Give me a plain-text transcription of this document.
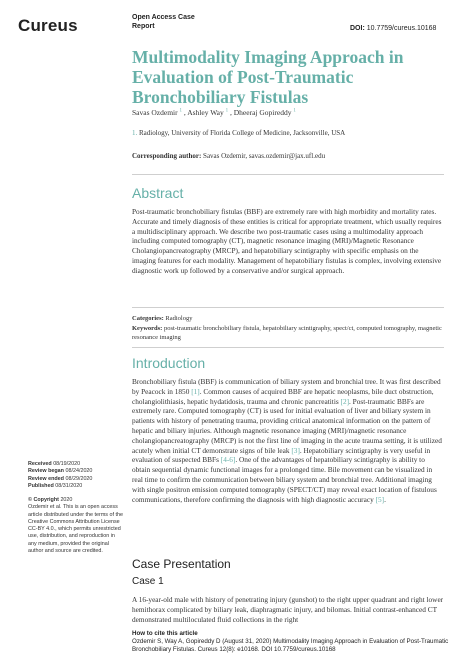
Cureus	Open Access Case
Report	DOI: 10.7759/cureus.10168
Multimodality Imaging Approach in Evaluation of Post-Traumatic Bronchobiliary Fistulas
Savas Ozdemir $^1$ , Ashley Way $^1$ , Dheeraj Gopireddy $^1$
1. Radiology, University of Florida College of Medicine, Jacksonville, USA
Corresponding author: Savas Ozdemir, savas.ozdemir@jax.ufl.edu
Abstract
Post-traumatic bronchobiliary fistulas (BBF) are extremely rare with high morbidity and mortality rates. Accurate and timely diagnosis of these entities is critical for appropriate treatment, which usually requires a multidisciplinary approach. We describe two post-traumatic cases using a multimodality approach including computed tomography (CT), magnetic resonance imaging (MRI)/Magnetic Resonance Cholangiopancreatography (MRCP), and hepatobiliary scintigraphy with specific emphasis on the imaging features for each modality. Management of hepatobiliary fistulas is complex, involving extensive diagnostic work up followed by a conservative and/or surgical approach.
Categories: Radiology
Keywords: post-traumatic bronchobiliary fistula, hepatobiliary scintigraphy, spect/ct, computed tomography, magnetic resonance imaging
Introduction
Bronchobiliary fistula (BBF) is communication of biliary system and bronchial tree. It was first described by Peacock in 1850 [1]. Common causes of acquired BBF are hepatic neoplasms, bile duct obstruction, cholangiolithiasis, hepatic hydatidosis, trauma and chronic pancreatitis [2]. Post-traumatic BBFs are extremely rare. Computed tomography (CT) is used for initial evaluation of liver and biliary system in patients with history of penetrating trauma, providing critical anatomical information on the pattern of hepatic and biliary injuries. Although magnetic resonance imaging (MRI)/magnetic resonance cholangiopancreatography (MRCP) is not the first line of imaging in the acute trauma setting, it is utilized acutely when initial CT demonstrate signs of bile leak [3]. Hepatobiliary scintigraphy is very useful in evaluation of suspected BBFs [4-6]. One of the advantages of hepatobiliary scintigraphy is ability to obtain sequential dynamic functional images for a prolonged time. Bile movement can be visualized in real time to confirm the communication between biliary system and bronchial tree. Additional imaging with single positron emission computed tomography (SPECT/CT) may reveal exact location of fistulous communications, therefore confirming the diagnosis with high diagnostic accuracy [5].
Case Presentation
Case 1
A 16-year-old male with history of penetrating injury (gunshot) to the right upper quadrant and right lower hemithorax complicated by biliary leak, diaphragmatic injury, and bilomas. Initial contrast-enhanced CT demonstrated multiloculated fluid collections in the right
Received 08/19/2020
Review began 08/24/2020
Review ended 08/29/2020
Published 08/31/2020
© Copyright 2020
Ozdemir et al. This is an open access article distributed under the terms of the Creative Commons Attribution License CC-BY 4.0., which permits unrestricted use, distribution, and reproduction in any medium, provided the original author and source are credited.
How to cite this article
Ozdemir S, Way A, Gopireddy D (August 31, 2020) Multimodality Imaging Approach in Evaluation of Post-Traumatic Bronchobiliary Fistulas. Cureus 12(8): e10168. DOI 10.7759/cureus.10168
